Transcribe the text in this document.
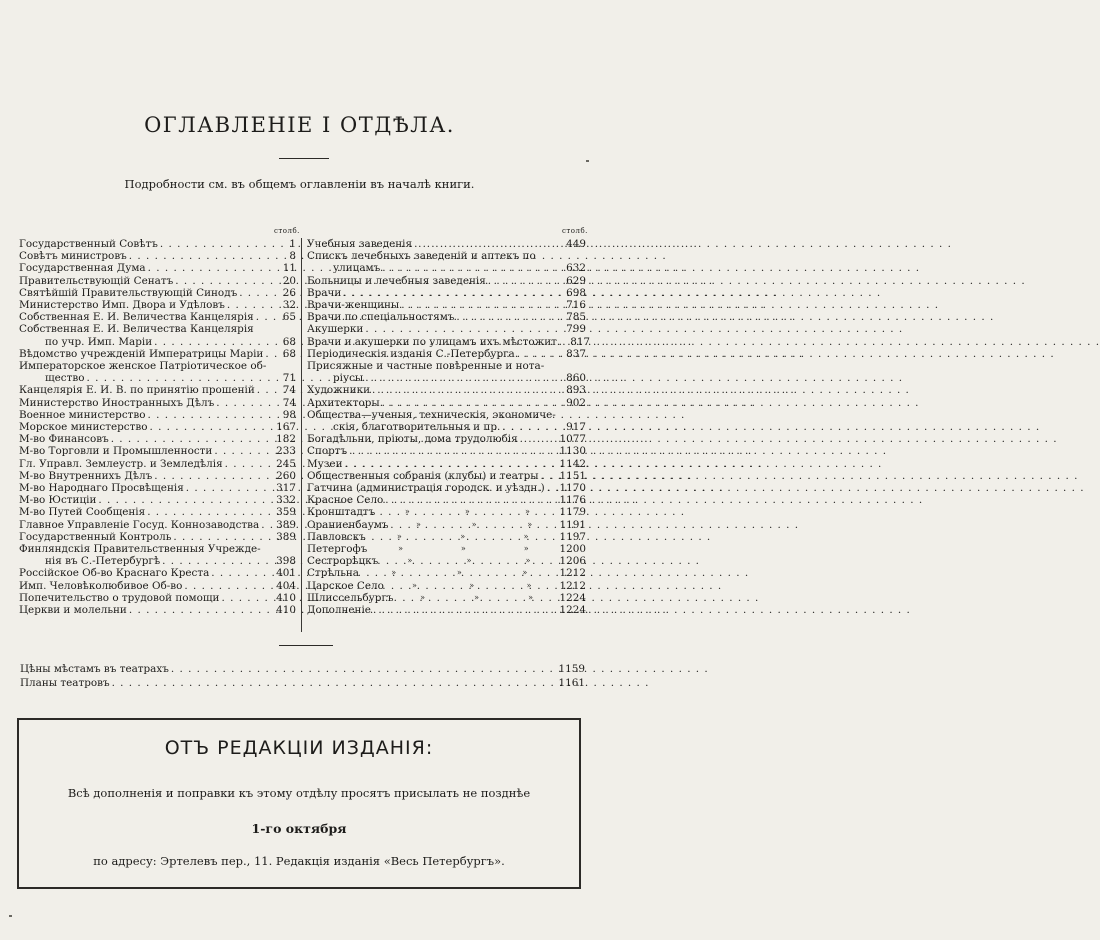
ОГЛАВЛЕНIЕ I ОТДѢЛА.
Подробности см. въ общемъ оглавленiи въ началѣ книги.
столб.	столб.
Государственный Совѣтъ . . .	1
Совѣтъ министровъ . . .	8
Государственная Дума . . .	11
Правительствующiй Сенатъ . . .	20
Святѣйшiй Правительствующiй Синодъ . . .	26
Министерство Имп. Двора и Удѣловъ . . .	32
Собственная Е. И. Величества Канцелярiя . . .	65
Собственная Е. И. Величества Канцелярiя
по учр. Имп. Марiи . . .	68
Вѣдомство учрежденiй Императрицы Марiи . . .	68
Императорское женское Патрiотическое об-
щество . . .	71
Канцелярiя Е. И. В. по принятiю прошенiй . . .	74
Министерство Иностранныхъ Дѣлъ . . .	74
Военное министерство . . .	98
Морское министерство . . .	167
М-во Финансовъ . . .	182
М-во Торговли и Промышленности . . .	233
Гл. Управл. Землеустр. и Земледѣлiя . . .	245
М-во Внутреннихъ Дѣлъ . . .	260
М-во Народнаго Просвѣщенiя . . .	317
М-во Юстицiи . . .	332
М-во Путей Сообщенiя . . .	359
Главное Управленiе Госуд. Коннозаводства . . . 389
Государственный Контроль . . .	389
Финляндскiя Правительственныя Учрежде-
нiя въ С.-Петербургѣ . . .	398
Россiйское Об-во Краснаго Креста . . .	401
Имп. Человѣколюбивое Об-во . . .	404
Попечительство о трудовой помощи . . .	410
Церкви и молельни . . .	410
Учебныя заведенiя . . .	449
Спискъ лечебныхъ заведенiй и аптекъ по
улицамъ . . .	632
Больницы и лечебныя заведенiя . . .	629
Врачи . . .	698
Врачи-женщины . . .	716
Врачи по спецiальностямъ . . .	785
Акушерки . . .	799
Врачи и акушерки по улицамъ ихъ мѣстожит. . . . 817
Перiодическiя изданiя С.-Петербурга . . .	837
Присяжные и частные повѣренные и нота-
рiусы . . .	860
Художники . . .	893
Архитекторы . . .	902
Общества—ученыя, техническiя, экономиче-
скiя, благотворительныя и пр. . . .	917
Богадѣльни, прiюты, дома трудолюбiя . . .	1077
Спортъ . . .	1130
Музеи . . .	1142
Общественныя собранiя (клубы) и театры . . . 1151
Гатчина (администрацiя городск. и уѣздн.) . . . 1170
Красное Село . . .	1176
Кронштадтъ	»	»	»	1179
Ораниенбаумъ	»	»	»	1191
Павловскъ	»	»	»	1197
Петергофъ	»	»	»	1200
Сестрорѣцкъ	»	»	»	1206
Стрѣльна	»	»	»	1212
Царское Село	»	»	»	1212
Шлиссельбургъ	»	»	»	1224
Дополненiе . . .	1224
Цѣны мѣстамъ въ театрахъ . . .	1159
Планы театровъ . . .	1161
ОТЪ РЕДАКЦIИ ИЗДАНIЯ:
Всѣ дополненiя и поправки къ этому отдѣлу просятъ присылать не позднѣе
1-го октября
по адресу: Эртелевъ пер., 11. Редакцiя изданiя «Весь Петербургъ».
